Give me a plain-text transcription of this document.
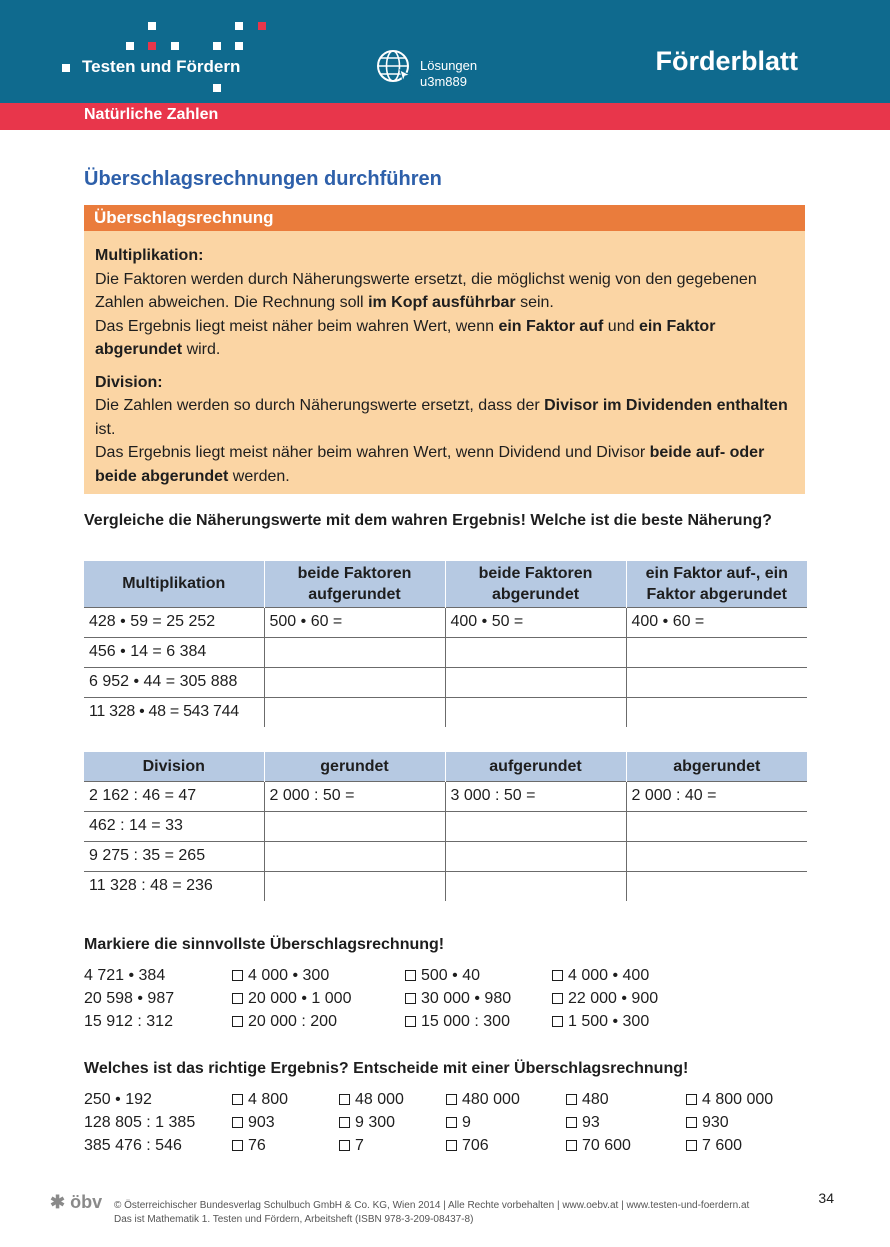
Testen und Fördern	Lösungen
u3m889
Förderblatt
Natürliche Zahlen
Überschlagsrechnungen durchführen
Überschlagsrechnung
Multiplikation:

Die Faktoren werden durch Näherungswerte ersetzt, die möglichst wenig von den gegebenen Zahlen abweichen. Die Rechnung soll im Kopf ausführbar sein.
Das Ergebnis liegt meist näher beim wahren Wert, wenn ein Faktor auf und ein Faktor abgerundet wird.

Division:

Die Zahlen werden so durch Näherungswerte ersetzt, dass der Divisor im Dividenden enthalten ist.
Das Ergebnis liegt meist näher beim wahren Wert, wenn Dividend und Divisor beide auf- oder beide abgerundet werden.

Vergleiche die Näherungswerte mit dem wahren Ergebnis! Welche ist die beste Näherung?
Multiplikation	beide Faktoren aufgerundet	beide Faktoren abgerundet	ein Faktor auf-, ein Faktor abgerundet
428 • 59 = 25 252	500 • 60 =	400 • 50 =	400 • 60 =
456 • 14 = 6 384			
6 952 • 44 = 305 888			
11 328 • 48 = 543 744			
Division	gerundet	aufgerundet	abgerundet
2 162 : 46 = 47	2 000 : 50 =	3 000 : 50 =	2 000 : 40 =
462 : 14 = 33			
9 275 : 35 = 265			
11 328 : 48 = 236			
Markiere die sinnvollste Überschlagsrechnung!
4 721 • 384	4 000 • 300	500 • 40	4 000 • 400
20 598 • 987	20 000 • 1 000	30 000 • 980	22 000 • 900
15 912 : 312	20 000 : 200	15 000 : 300	1 500 • 300
Welches ist das richtige Ergebnis? Entscheide mit einer Überschlagsrechnung!
250 • 192	4 800	48 000	480 000	480	4 800 000
128 805 : 1 385	903	9 300	9	93	930
385 476 : 546	76	7	706	70 600	7 600
✱ öbv © Österreichischer Bundesverlag Schulbuch GmbH & Co. KG, Wien 2014 | Alle Rechte vorbehalten | www.oebv.at | www.testen-und-foerdern.at
Das ist Mathematik 1. Testen und Fördern, Arbeitsheft (ISBN 978-3-209-08437-8)
34
